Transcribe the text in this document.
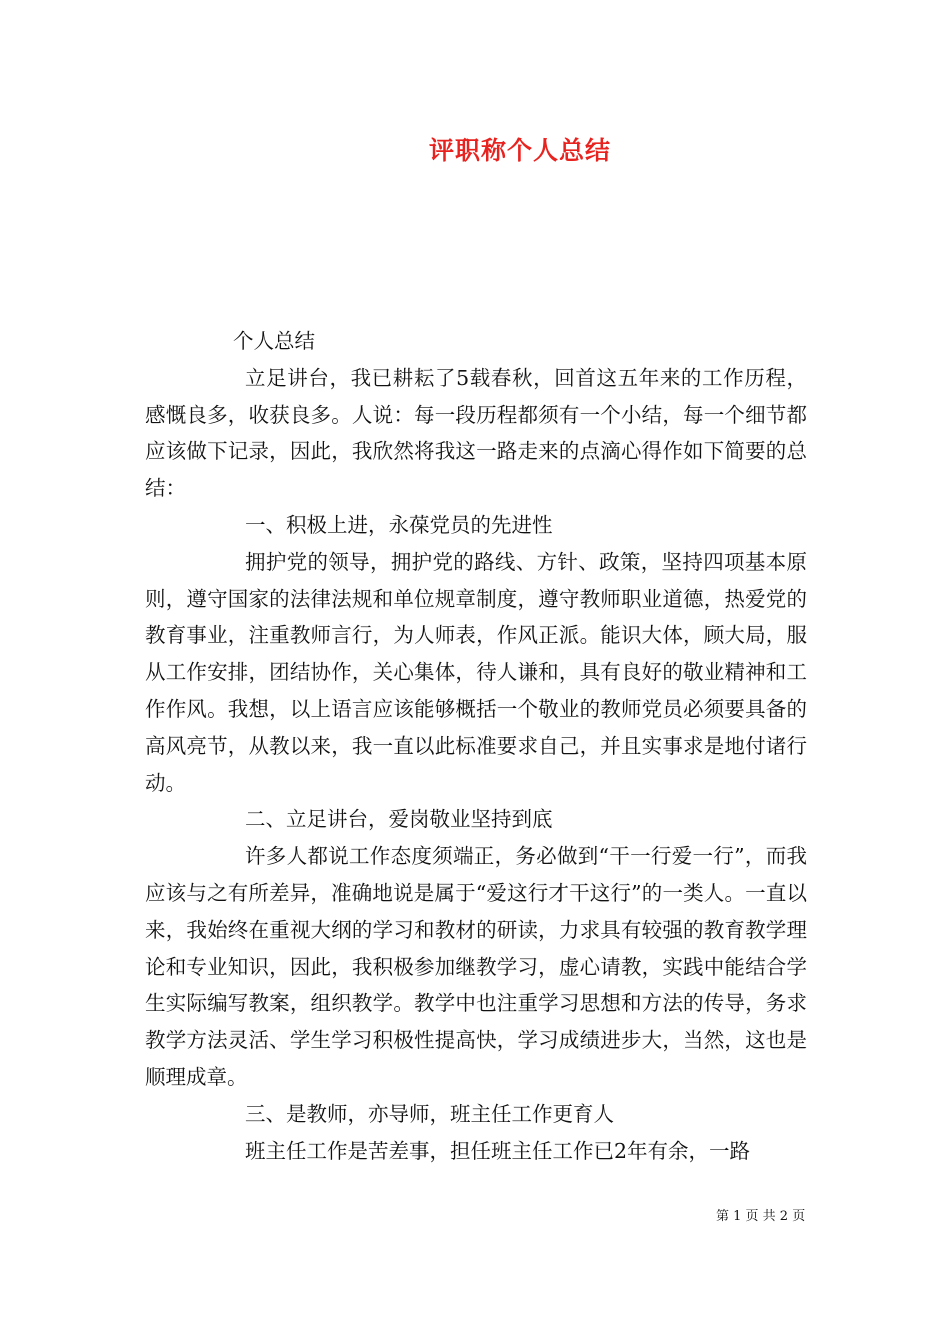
评职称个人总结

个人总结

立足讲台，我已耕耘了5载春秋，回首这五年来的工作历程，感慨良多，收获良多。人说：每一段历程都须有一个小结，每一个细节都应该做下记录，因此，我欣然将我这一路走来的点滴心得作如下简要的总结：

一、积极上进，永葆党员的先进性

拥护党的领导，拥护党的路线、方针、政策，坚持四项基本原则，遵守国家的法律法规和单位规章制度，遵守教师职业道德，热爱党的教育事业，注重教师言行，为人师表，作风正派。能识大体，顾大局，服从工作安排，团结协作，关心集体，待人谦和，具有良好的敬业精神和工作作风。我想，以上语言应该能够概括一个敬业的教师党员必须要具备的高风亮节，从教以来，我一直以此标准要求自己，并且实事求是地付诸行动。

二、立足讲台，爱岗敬业坚持到底

许多人都说工作态度须端正，务必做到“干一行爱一行”，而我应该与之有所差异，准确地说是属于“爱这行才干这行”的一类人。一直以来，我始终在重视大纲的学习和教材的研读，力求具有较强的教育教学理论和专业知识，因此，我积极参加继教学习，虚心请教，实践中能结合学生实际编写教案，组织教学。教学中也注重学习思想和方法的传导，务求教学方法灵活、学生学习积极性提高快，学习成绩进步大，当然，这也是顺理成章。

三、是教师，亦导师，班主任工作更育人

班主任工作是苦差事，担任班主任工作已2年有余，一路

第 1 页 共 2 页
